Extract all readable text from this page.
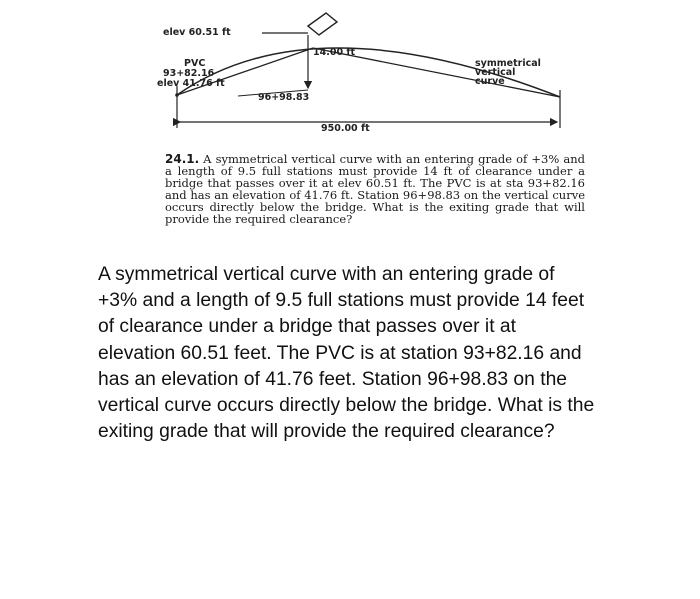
elev 60.51 ft
14.00 ft
PVC
93+82.16
elev 41.76 ft
96+98.83
950.00 ft
symmetrical
vertical
curve
24.1. A symmetrical vertical curve with an entering grade of +3% and a length of 9.5 full stations must provide 14 ft of clearance under a bridge that passes over it at elev 60.51 ft. The PVC is at sta 93+82.16 and has an elevation of 41.76 ft. Station 96+98.83 on the vertical curve occurs directly below the bridge. What is the exiting grade that will provide the required clearance?
A symmetrical vertical curve with an entering grade of +3% and a length of 9.5 full stations must provide 14 feet of clearance under a bridge that passes over it at elevation 60.51 feet. The PVC is at station 93+82.16 and has an elevation of 41.76 feet. Station 96+98.83 on the vertical curve occurs directly below the bridge. What is the exiting grade that will provide the required clearance?
